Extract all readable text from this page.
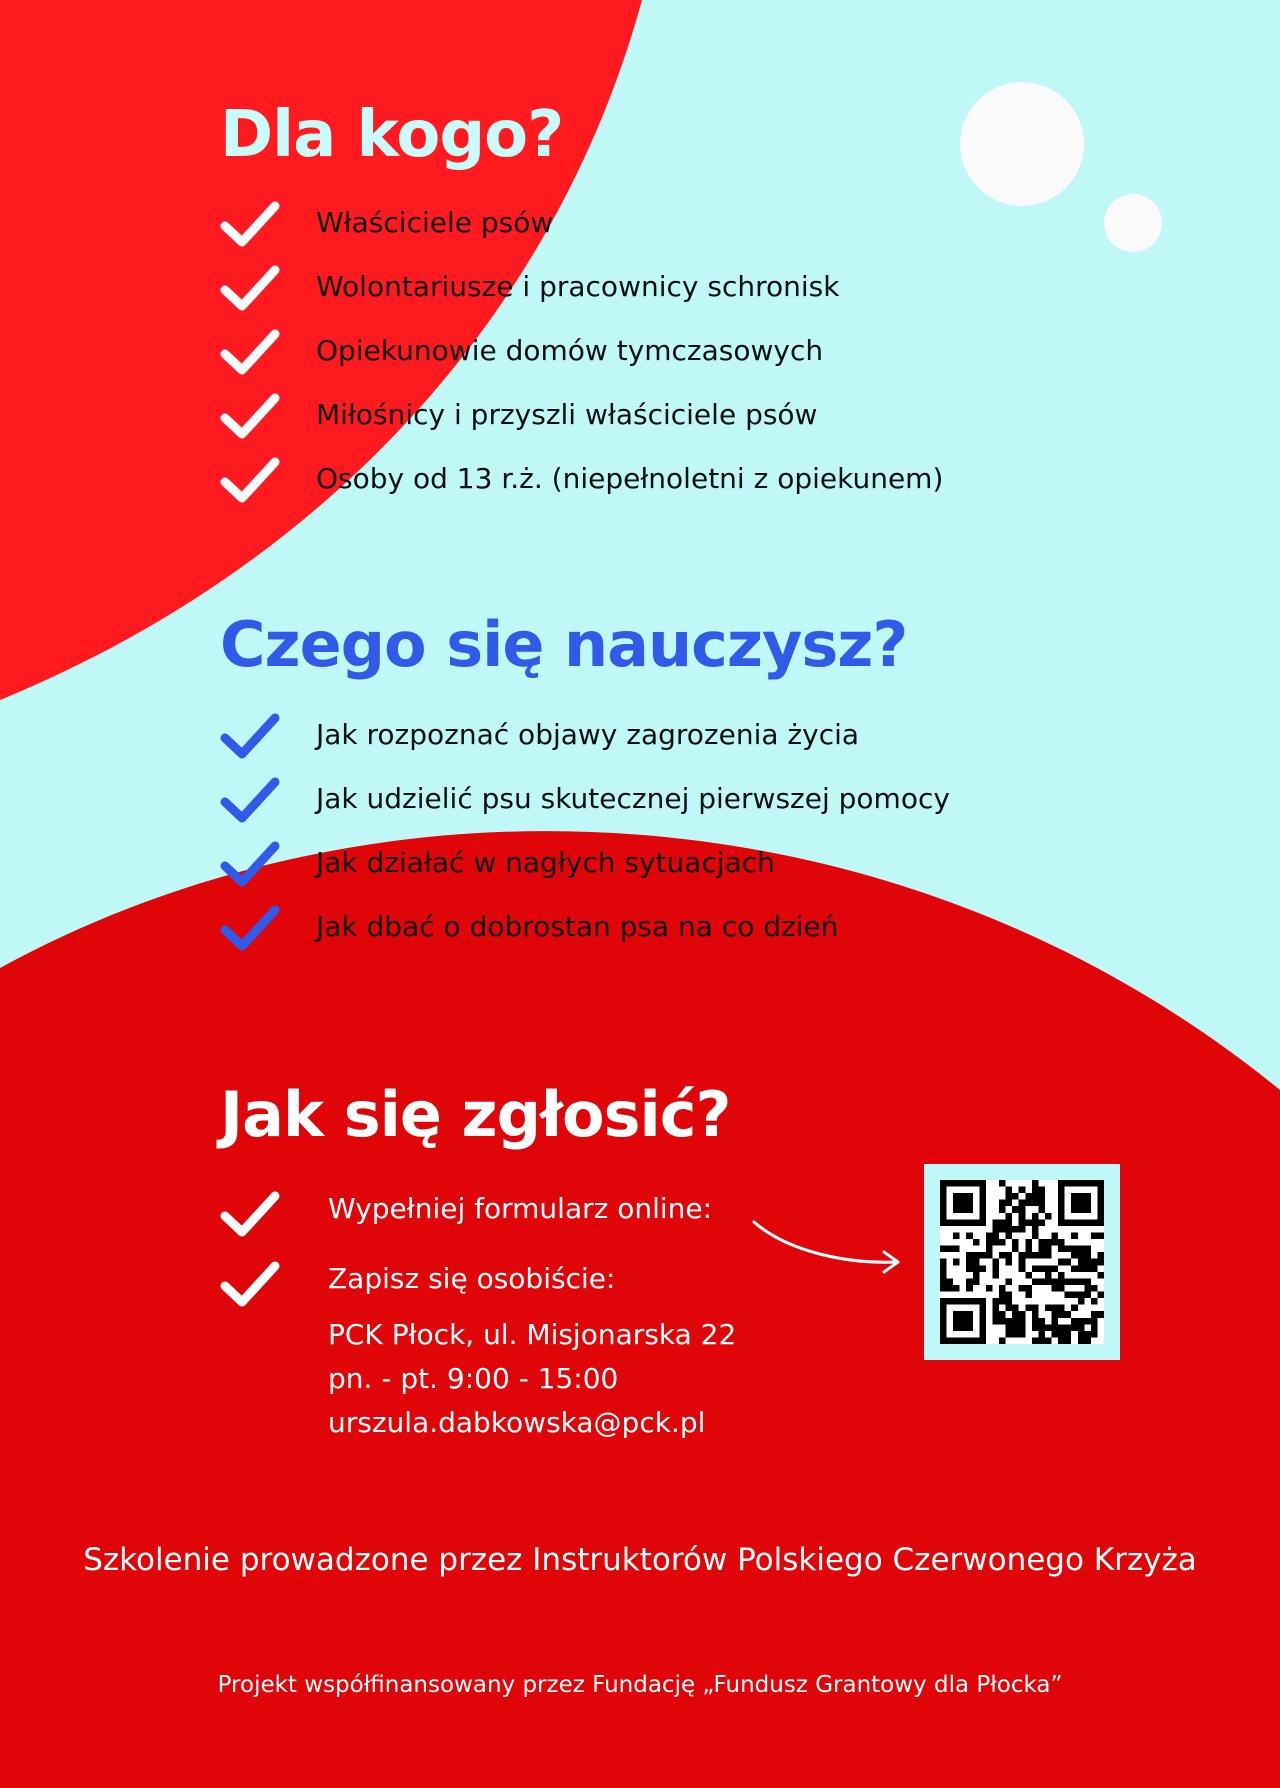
Dla kogo?
Właściciele psów
Wolontariusze i pracownicy schronisk
Opiekunowie domów tymczasowych
Miłośnicy i przyszli właściciele psów
Osoby od 13 r.ż. (niepełnoletni z opiekunem)
Czego się nauczysz?
Jak rozpoznać objawy zagrozenia życia
Jak udzielić psu skutecznej pierwszej pomocy
Jak działać w nagłych sytuacjach
Jak dbać o dobrostan psa na co dzień
Jak się zgłosić?
Wypełniej formularz online:
Zapisz się osobiście:
PCK Płock, ul. Misjonarska 22
pn. - pt. 9:00 - 15:00
urszula.dabkowska@pck.pl
Szkolenie prowadzone przez Instruktorów Polskiego Czerwonego Krzyża
Projekt współfinansowany przez Fundację „Fundusz Grantowy dla Płocka”
